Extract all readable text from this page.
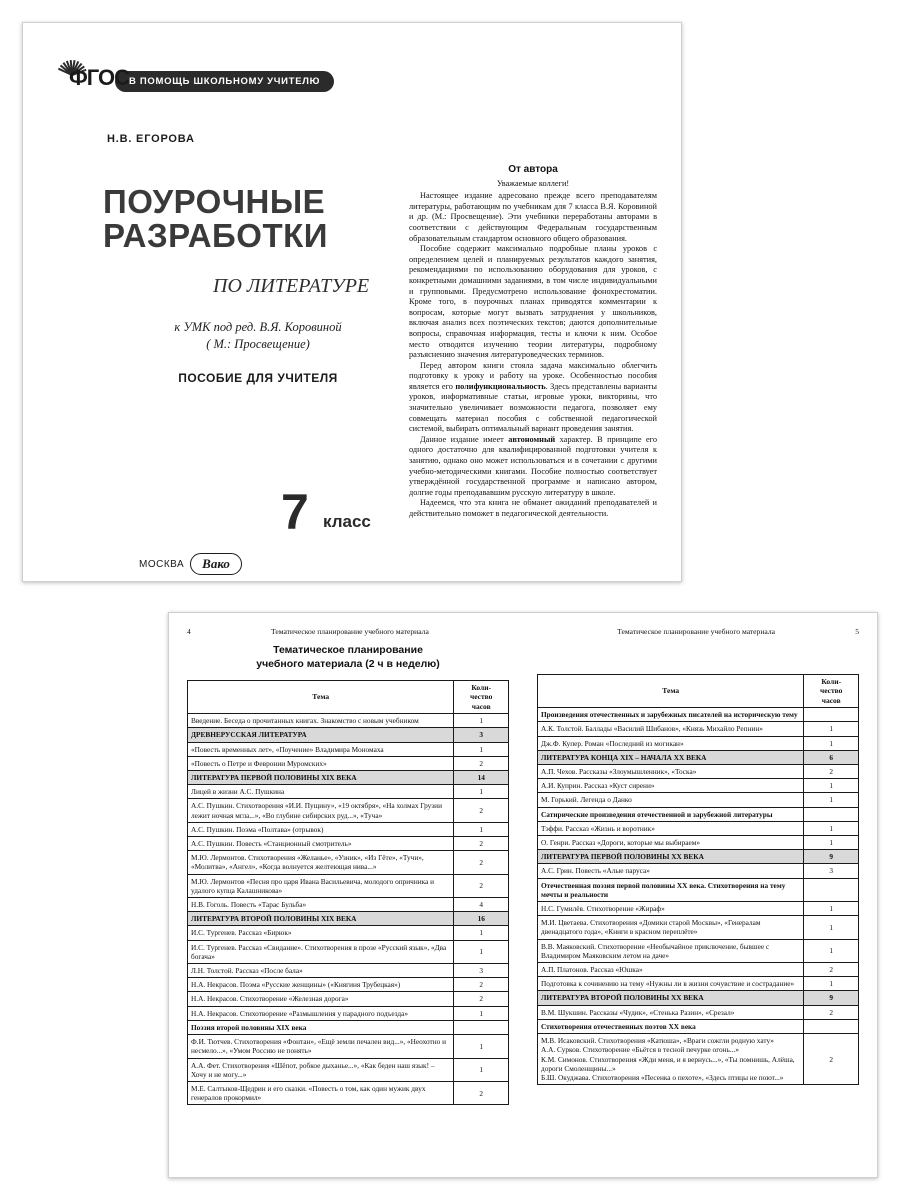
ФГОС В ПОМОЩЬ ШКОЛЬНОМУ УЧИТЕЛЮ
Н.В. ЕГОРОВА
ПОУРОЧНЫЕ
РАЗРАБОТКИ
ПО ЛИТЕРАТУРЕ
к УМК под ред. В.Я. Коровиной
( М.: Просвещение)
ПОСОБИЕ ДЛЯ УЧИТЕЛЯ
7 класс
МОСКВА	Вако
От автора
Уважаемые коллеги!

Настоящее издание адресовано прежде всего преподавателям литературы, работающим по учебникам для 7 класса В.Я. Коровиной и др. (М.: Просвещение). Эти учебники переработаны авторами в соответствии с действующим Федеральным государственным образовательным стандартом основного общего образования.

Пособие содержит максимально подробные планы уроков с определением целей и планируемых результатов каждого занятия, рекомендациями по использованию оборудования для уроков, с конкретными домашними заданиями, в том числе индивидуальными и групповыми. Предусмотрено использование фонохрестоматии. Кроме того, в поурочных планах приводятся комментарии к вопросам, которые могут вызвать затруднения у школьников, включая анализ всех поэтических текстов; даются дополнительные вопросы, справочная информация, тесты и ключи к ним. Особое место отводится изучению теории литературы, подробному разъяснению значения литературоведческих терминов.

Перед автором книги стояла задача максимально облегчить подготовку к уроку и работу на уроке. Особенностью пособия является его полифункциональность. Здесь представлены варианты уроков, информативные статьи, игровые уроки, викторины, что значительно увеличивает возможности педагога, позволяет ему совмещать материал пособия с собственной педагогической системой, выбирать оптимальный вариант проведения занятия.

Данное издание имеет автономный характер. В принципе его одного достаточно для квалифицированной подготовки учителя к занятию, однако оно может использоваться и в сочетании с другими учебно-методическими книгами. Пособие полностью соответствует утверждённой государственной программе и написано автором, долгие годы преподававшим русскую литературу в школе.

Надеемся, что эта книга не обманет ожиданий преподавателей и действительно поможет в педагогической деятельности.

4	Тематическое планирование учебного материала
Тематическое планирование
учебного материала (2 ч в неделю)
Тема	Коли-
чество
часов
Введение. Беседа о прочитанных книгах. Знакомство с новым учебником	1
ДРЕВНЕРУССКАЯ ЛИТЕРАТУРА	3
«Повесть временных лет», «Поучение» Владимира Мономаха	1
«Повесть о Петре и Февронии Муромских»	2
ЛИТЕРАТУРА ПЕРВОЙ ПОЛОВИНЫ XIX ВЕКА	14
Лицей в жизни А.С. Пушкина	1
А.С. Пушкин. Стихотворения «И.И. Пущину», «19 октября», «На холмах Грузии лежит ночная мгла...», «Во глубине сибирских руд...», «Туча»	2
А.С. Пушкин. Поэма «Полтава» (отрывок)	1
А.С. Пушкин. Повесть «Станционный смотритель»	2
М.Ю. Лермонтов. Стихотворения «Желанье», «Узник», «Из Гёте», «Тучи», «Молитва», «Ангел», «Когда волнуется желтеющая нива...»	2
М.Ю. Лермонтов «Песня про царя Ивана Васильевича, молодого опричника и удалого купца Калашникова»	2
Н.В. Гоголь. Повесть «Тарас Бульба»	4
ЛИТЕРАТУРА ВТОРОЙ ПОЛОВИНЫ XIX ВЕКА	16
И.С. Тургенев. Рассказ «Бирюк»	1
И.С. Тургенев. Рассказ «Свидание». Стихотворения в прозе «Русский язык», «Два богача»	1
Л.Н. Толстой. Рассказ «После бала»	3
Н.А. Некрасов. Поэма «Русские женщины» («Княгиня Трубецкая»)	2
Н.А. Некрасов. Стихотворение «Железная дорога»	2
Н.А. Некрасов. Стихотворение «Размышления у парадного подъезда»	1
Поэзия второй половины XIX века	
Ф.И. Тютчев. Стихотворения «Фонтан», «Ещё земли печален вид...», «Неохотно и несмело...», «Умом Россию не понять»	1
А.А. Фет. Стихотворения «Шёпот, робкое дыханье...», «Как беден наш язык! – Хочу и не могу...»	1
М.Е. Салтыков-Щедрин и его сказки. «Повесть о том, как один мужик двух генералов прокормил»	2
Тематическое планирование учебного материала	5
Тема	Коли-
чество
часов
Произведения отечественных и зарубежных писателей на историческую тему	
А.К. Толстой. Баллады «Василий Шибанов», «Князь Михайло Репнин»	1
Дж.Ф. Купер. Роман «Последний из могикан»	1
ЛИТЕРАТУРА КОНЦА XIX – НАЧАЛА XX ВЕКА	6
А.П. Чехов. Рассказы «Злоумышленник», «Тоска»	2
А.И. Куприн. Рассказ «Куст сирени»	1
М. Горький. Легенда о Данко	1
Сатирические произведения отечественной и зарубежной литературы	
Тэффи. Рассказ «Жизнь и воротник»	1
О. Генри. Рассказ «Дороги, которые мы выбираем»	1
ЛИТЕРАТУРА ПЕРВОЙ ПОЛОВИНЫ XX ВЕКА	9
А.С. Грин. Повесть «Алые паруса»	3
Отечественная поэзия первой половины XX века. Стихотворения на тему мечты и реальности	
Н.С. Гумилёв. Стихотворение «Жираф»	1
М.И. Цветаева. Стихотворения «Домики старой Москвы», «Генералам двенадцатого года», «Книги в красном переплёте»	1
В.В. Маяковский. Стихотворение «Необычайное приключение, бывшее с Владимиром Маяковским летом на даче»	1
А.П. Платонов. Рассказ «Юшка»	2
Подготовка к сочинению на тему «Нужны ли в жизни сочувствие и сострадание»	1
ЛИТЕРАТУРА ВТОРОЙ ПОЛОВИНЫ XX ВЕКА	9
В.М. Шукшин. Рассказы «Чудик», «Стенька Разин», «Срезал»	2
Стихотворения отечественных поэтов XX века	
М.В. Исаковский. Стихотворения «Катюша», «Враги сожгли родную хату»
А.А. Сурков. Стихотворение «Бьётся в тесной печурке огонь...»
К.М. Симонов. Стихотворения «Жди меня, и я вернусь...», «Ты помнишь, Алёша, дороги Смоленщины...»
Б.Ш. Окуджава. Стихотворения «Песенка о пехоте», «Здесь птицы не поют...»	2
